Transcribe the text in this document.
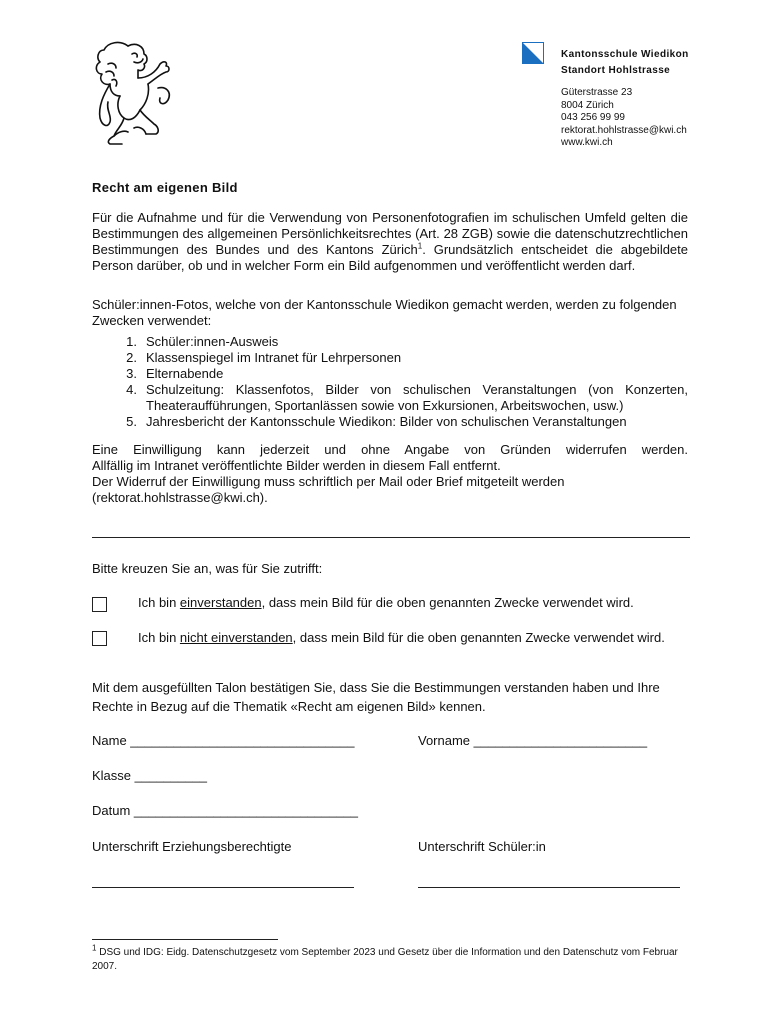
Kantonsschule Wiedikon
Standort Hohlstrasse
Güterstrasse 23
8004 Zürich
043 256 99 99
rektorat.hohlstrasse@kwi.ch
www.kwi.ch
Recht am eigenen Bild
Für die Aufnahme und für die Verwendung von Personenfotografien im schulischen Umfeld gelten die Bestimmungen des allgemeinen Persönlichkeitsrechtes (Art. 28 ZGB) sowie die datenschutzrechtlichen Bestimmungen des Bundes und des Kantons Zürich$^1$. Grundsätzlich entscheidet die abgebildete Person darüber, ob und in welcher Form ein Bild aufgenommen und veröffentlicht werden darf.
Schüler:innen-Fotos, welche von der Kantonsschule Wiedikon gemacht werden, werden zu folgenden Zwecken verwendet:
1. Schüler:innen-Ausweis
2. Klassenspiegel im Intranet für Lehrpersonen
3. Elternabende
4. Schulzeitung: Klassenfotos, Bilder von schulischen Veranstaltungen (von Konzerten, Theateraufführungen, Sportanlässen sowie von Exkursionen, Arbeitswochen, usw.)
5. Jahresbericht der Kantonsschule Wiedikon: Bilder von schulischen Veranstaltungen
Eine Einwilligung kann jederzeit und ohne Angabe von Gründen widerrufen werden.
Allfällig im Intranet veröffentlichte Bilder werden in diesem Fall entfernt.
Der Widerruf der Einwilligung muss schriftlich per Mail oder Brief mitgeteilt werden (rektorat.hohlstrasse@kwi.ch).
Bitte kreuzen Sie an, was für Sie zutrifft:
Ich bin einverstanden, dass mein Bild für die oben genannten Zwecke verwendet wird.
Ich bin nicht einverstanden, dass mein Bild für die oben genannten Zwecke verwendet wird.
Mit dem ausgefüllten Talon bestätigen Sie, dass Sie die Bestimmungen verstanden haben und Ihre Rechte in Bezug auf die Thematik «Recht am eigenen Bild» kennen.
Name _______________________________	Vorname ________________________
Klasse __________
Datum _______________________________
Unterschrift Erziehungsberechtigte	Unterschrift Schüler:in
$^1$ DSG und IDG: Eidg. Datenschutzgesetz vom September 2023 und Gesetz über die Information und den Datenschutz vom Februar 2007.
